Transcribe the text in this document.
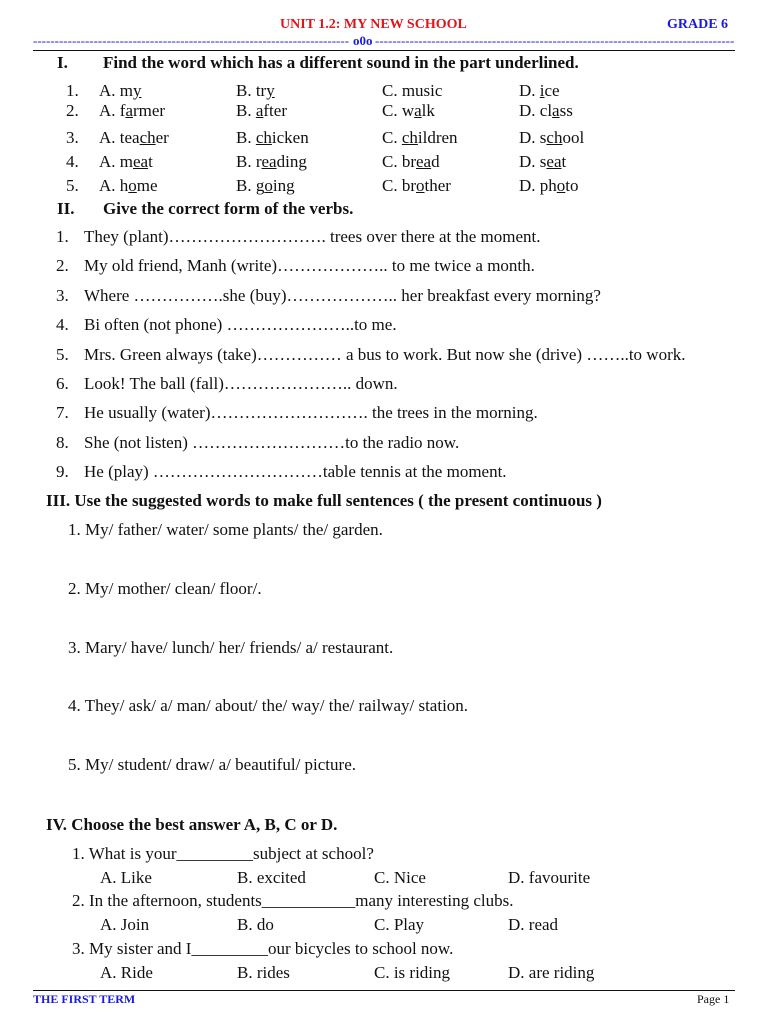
UNIT 1.2: MY NEW SCHOOL	GRADE 6
------------------------------------------------------------------------- o0o -----------------------------------------------------------------------------------
I. Find the word which has a different sound in the part underlined.
1. A. my	B. try	C. music	D. ice
2. A. farmer	B. after	C. walk	D. class
3. A. teacher	B. chicken	C. children	D. school
4. A. meat	B. reading	C. bread	D. seat
5. A. home	B. going	C. brother	D. photo
II. Give the correct form of the verbs.
1. They (plant)………………………. trees over there at the moment.
2. My old friend, Manh (write)……………….. to me twice a month.
3. Where …………….she (buy)……………….. her breakfast every morning?
4. Bi often (not phone) …………………..to me.
5. Mrs. Green always (take)…………… a bus to work. But now she (drive) ……..to work.
6. Look! The ball (fall)………………….. down.
7. He usually (water)………………………. the trees in the morning.
8. She (not listen) ………………………to the radio now.
9. He (play) …………………………table tennis at the moment.
III. Use the suggested words to make full sentences ( the present continuous )
1. My/ father/ water/ some plants/ the/ garden.
2. My/ mother/ clean/ floor/.
3. Mary/ have/ lunch/ her/ friends/ a/ restaurant.
4. They/ ask/ a/ man/ about/ the/ way/ the/ railway/ station.
5. My/ student/ draw/ a/ beautiful/ picture.
IV. Choose the best answer A, B, C or D.
1. What is your_________subject at school?
A. Like	B. excited	C. Nice	D. favourite
2. In the afternoon, students___________many interesting clubs.
A. Join	B. do	C. Play	D. read
3. My sister and I_________our bicycles to school now.
A. Ride	B. rides	C. is riding	D. are riding
THE FIRST TERM	Page 1
